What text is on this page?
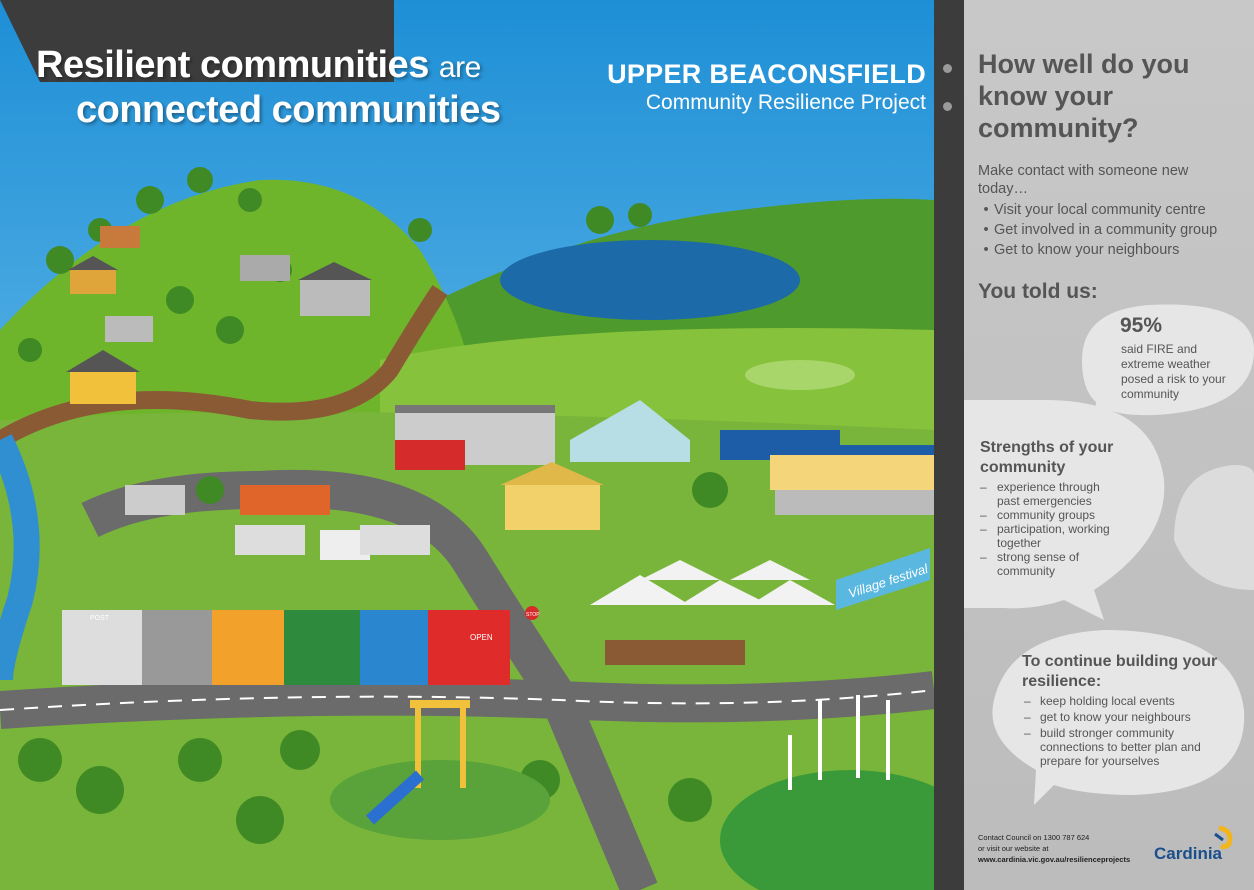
Village festival
POST
OPEN
STOP
Resilient communities are
connected communities
UPPER BEACONSFIELD
Community Resilience Project
How well do you know your community?
Make contact with someone new today…
• Visit your local community centre
• Get involved in a community group
• Get to know your neighbours
You told us:
95%
said FIRE and extreme weather posed a risk to your community
Strengths of your community
– experience through past emergencies
– community groups
– participation, working together
– strong sense of community
To continue building your resilience:
– keep holding local events
– get to know your neighbours
– build stronger community connections to better plan and prepare for yourselves
Contact Council on 1300 787 624
or visit our website at
www.cardinia.vic.gov.au/resilienceprojects	Cardinia
